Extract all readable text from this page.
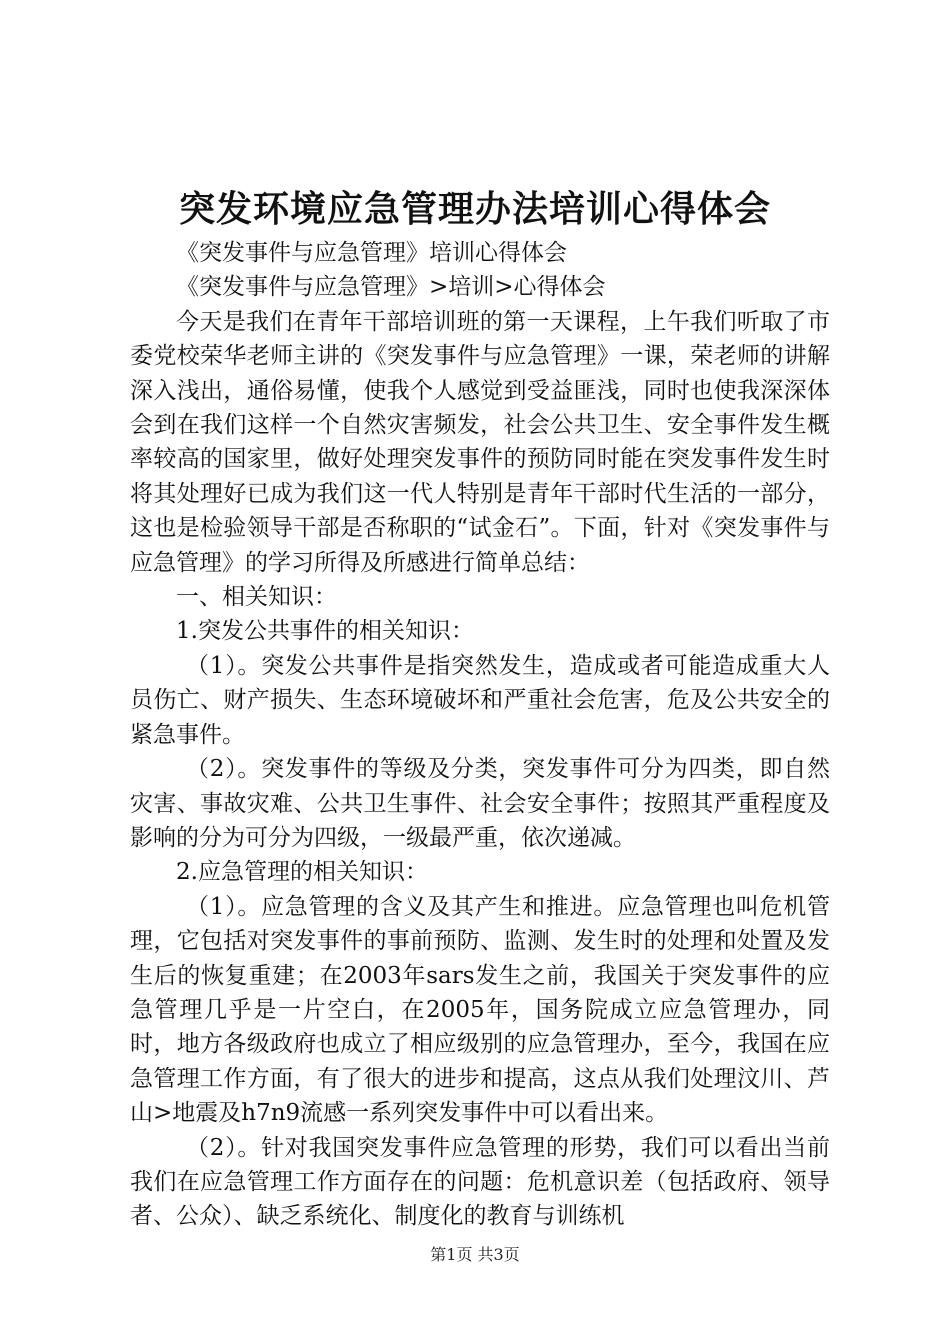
突发环境应急管理办法培训心得体会

《突发事件与应急管理》培训心得体会

《突发事件与应急管理》>培训>心得体会

今天是我们在青年干部培训班的第一天课程，上午我们听取了市委党校荣华老师主讲的《突发事件与应急管理》一课，荣老师的讲解深入浅出，通俗易懂，使我个人感觉到受益匪浅，同时也使我深深体会到在我们这样一个自然灾害频发，社会公共卫生、安全事件发生概率较高的国家里，做好处理突发事件的预防同时能在突发事件发生时将其处理好已成为我们这一代人特别是青年干部时代生活的一部分，这也是检验领导干部是否称职的“试金石”。下面，针对《突发事件与应急管理》的学习所得及所感进行简单总结：

一、相关知识：

1.突发公共事件的相关知识：

（1）。突发公共事件是指突然发生，造成或者可能造成重大人员伤亡、财产损失、生态环境破坏和严重社会危害，危及公共安全的紧急事件。

（2）。突发事件的等级及分类，突发事件可分为四类，即自然灾害、事故灾难、公共卫生事件、社会安全事件；按照其严重程度及影响的分为可分为四级，一级最严重，依次递减。

2.应急管理的相关知识：

（1）。应急管理的含义及其产生和推进。应急管理也叫危机管理，它包括对突发事件的事前预防、监测、发生时的处理和处置及发生后的恢复重建；在2003年sars发生之前，我国关于突发事件的应急管理几乎是一片空白，在2005年，国务院成立应急管理办，同时，地方各级政府也成立了相应级别的应急管理办，至今，我国在应急管理工作方面，有了很大的进步和提高，这点从我们处理汶川、芦山>地震及h7n9流感一系列突发事件中可以看出来。

（2）。针对我国突发事件应急管理的形势，我们可以看出当前我们在应急管理工作方面存在的问题：危机意识差（包括政府、领导者、公众）、缺乏系统化、制度化的教育与训练机

第1页 共3页
